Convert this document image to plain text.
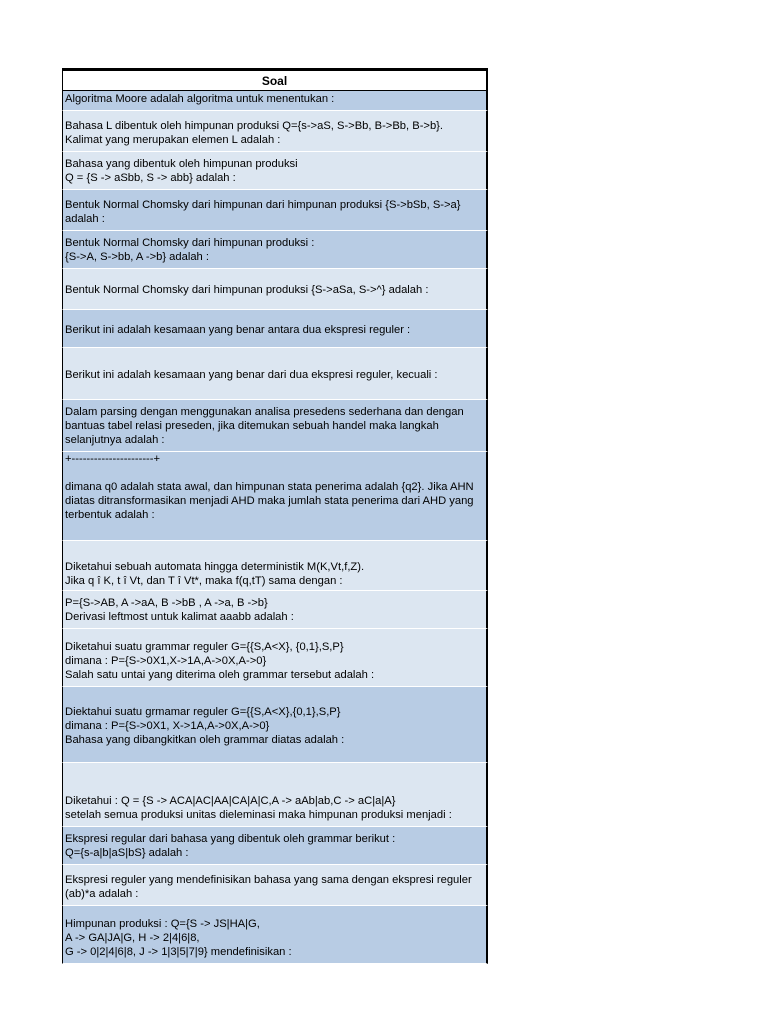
Soal
Algoritma Moore adalah algoritma untuk menentukan :
Bahasa L dibentuk oleh himpunan produksi Q={s->aS, S->Bb, B->Bb, B->b}.
Kalimat yang merupakan elemen L adalah :
Bahasa yang dibentuk oleh himpunan produksi
Q = {S -> aSbb, S -> abb} adalah :
Bentuk Normal Chomsky dari himpunan dari himpunan produksi {S->bSb, S->a} adalah :
Bentuk Normal Chomsky dari himpunan produksi :
{S->A, S->bb, A ->b} adalah :
Bentuk Normal Chomsky dari himpunan produksi {S->aSa, S->^} adalah :
Berikut ini adalah kesamaan yang benar antara dua ekspresi reguler :
Berikut ini adalah kesamaan yang benar dari dua ekspresi reguler, kecuali :
Dalam parsing dengan menggunakan analisa presedens sederhana dan dengan bantuas tabel relasi preseden, jika ditemukan sebuah handel maka langkah selanjutnya adalah :
+----------------------+

dimana q0 adalah stata awal, dan himpunan stata penerima adalah {q2}. Jika AHN diatas ditransformasikan menjadi AHD maka jumlah stata penerima dari AHD yang terbentuk adalah :
Diketahui sebuah automata hingga deterministik M(K,Vt,f,Z).
Jika q î K, t î Vt, dan T î Vt*, maka f(q,tT) sama dengan :
P={S->AB, A ->aA, B ->bB , A ->a, B ->b}
Derivasi leftmost untuk kalimat aaabb adalah :
Diketahui suatu grammar reguler G={{S,A<X}, {0,1},S,P}
dimana : P={S->0X1,X->1A,A->0X,A->0}
Salah satu untai yang diterima oleh grammar tersebut adalah :
Diektahui suatu grmamar reguler G={{S,A<X},{0,1},S,P}
dimana : P={S->0X1, X->1A,A->0X,A->0}
Bahasa yang dibangkitkan oleh grammar diatas adalah :
Diketahui : Q = {S -> ACA|AC|AA|CA|A|C,A -> aAb|ab,C -> aC|a|A}
setelah semua produksi unitas dieleminasi maka himpunan produksi menjadi :
Ekspresi regular dari bahasa yang dibentuk oleh grammar berikut :
Q={s-a|b|aS|bS} adalah :
Ekspresi reguler yang mendefinisikan bahasa yang sama dengan ekspresi reguler (ab)*a adalah :
Himpunan produksi : Q={S -> JS|HA|G,
A -> GA|JA|G, H -> 2|4|6|8,
G -> 0|2|4|6|8, J -> 1|3|5|7|9} mendefinisikan :
